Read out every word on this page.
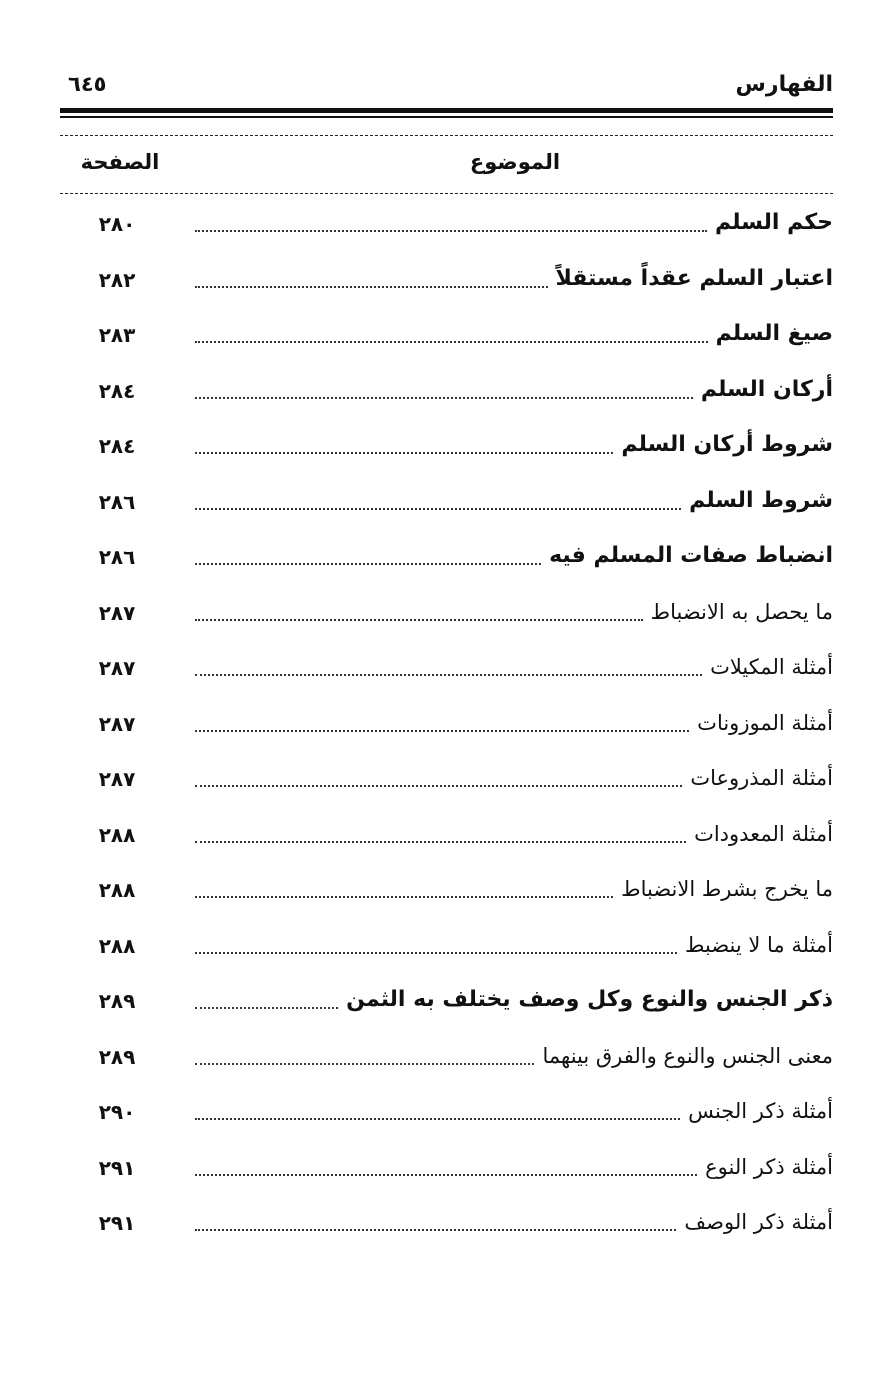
الفهارس
٦٤٥
الموضوع
الصفحة
حكم السلم
٢٨٠
اعتبار السلم عقداً مستقلاً
٢٨٢
صيغ السلم
٢٨٣
أركان السلم
٢٨٤
شروط أركان السلم
٢٨٤
شروط السلم
٢٨٦
انضباط صفات المسلم فيه
٢٨٦
ما يحصل به الانضباط
٢٨٧
أمثلة المكيلات
٢٨٧
أمثلة الموزونات
٢٨٧
أمثلة المذروعات
٢٨٧
أمثلة المعدودات
٢٨٨
ما يخرج بشرط الانضباط
٢٨٨
أمثلة ما لا ينضبط
٢٨٨
ذكر الجنس والنوع وكل وصف يختلف به الثمن
٢٨٩
معنى الجنس والنوع والفرق بينهما
٢٨٩
أمثلة ذكر الجنس
٢٩٠
أمثلة ذكر النوع
٢٩١
أمثلة ذكر الوصف
٢٩١
